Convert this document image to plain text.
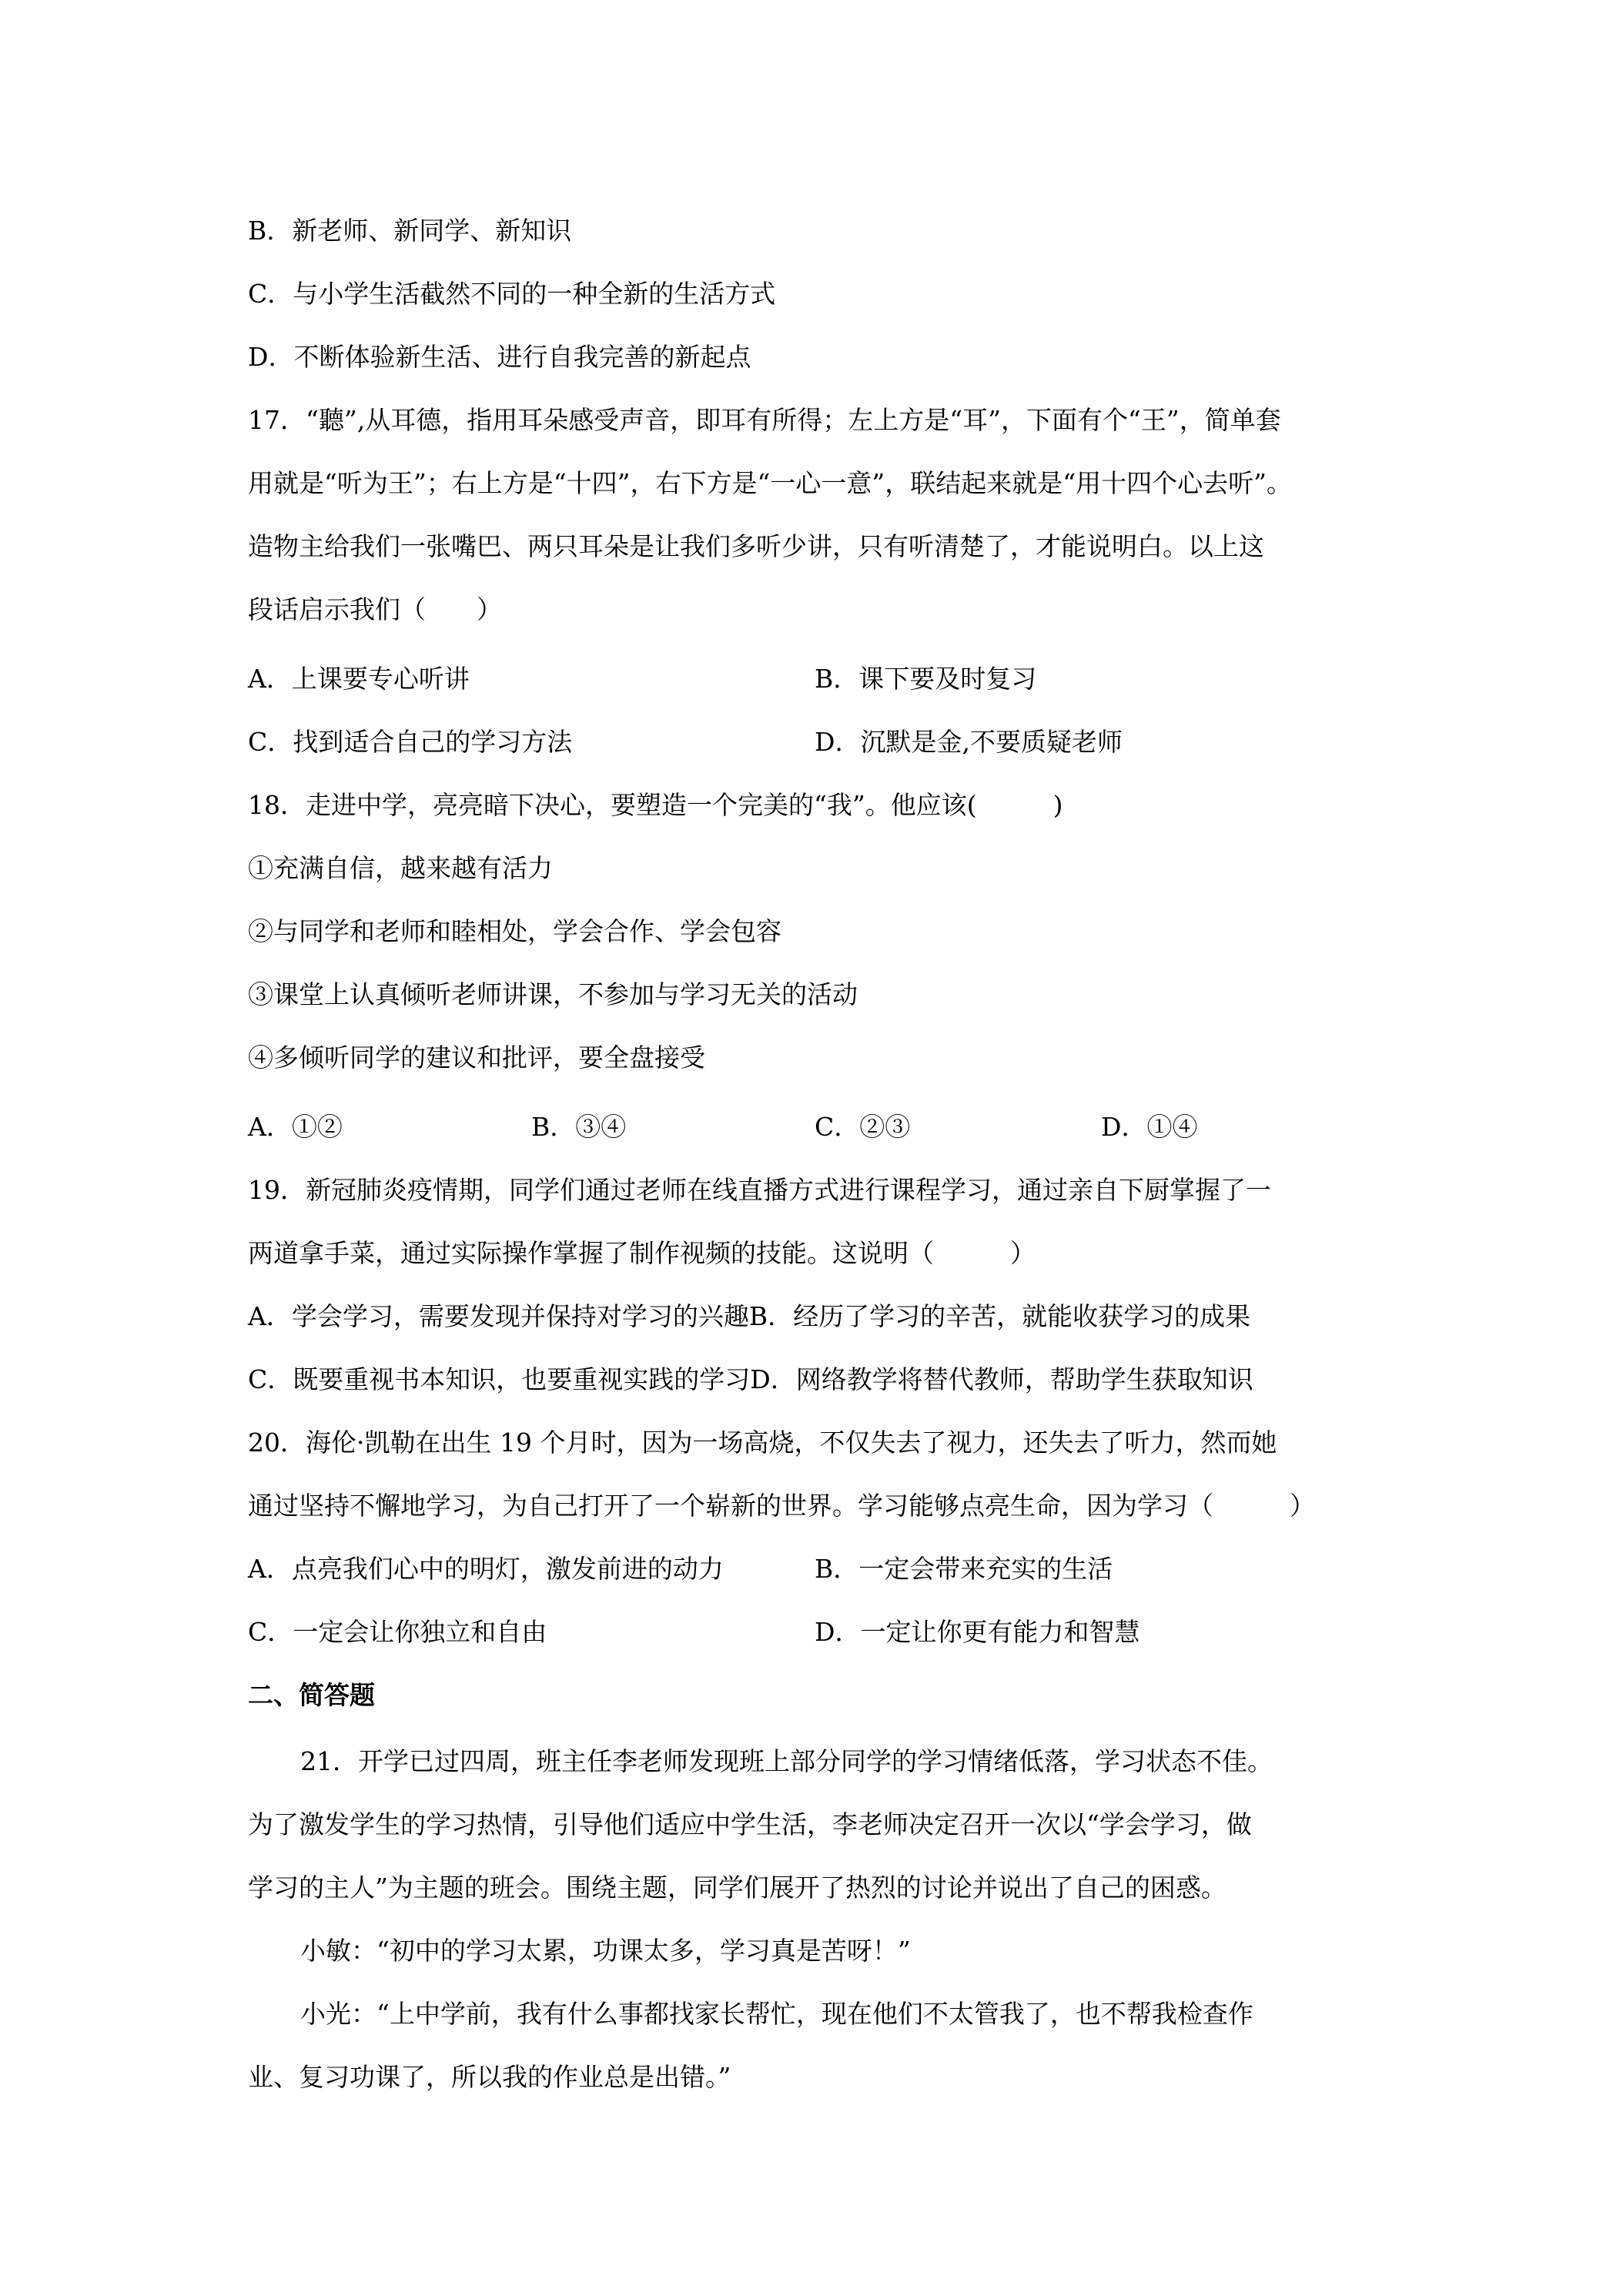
B．新老师、新同学、新知识
C．与小学生活截然不同的一种全新的生活方式
D．不断体验新生活、进行自我完善的新起点
17．“聽”,从耳德，指用耳朵感受声音，即耳有所得；左上方是“耳”，下面有个“王”，简单套
用就是“听为王”；右上方是“十四”，右下方是“一心一意”，联结起来就是“用十四个心去听”。
造物主给我们一张嘴巴、两只耳朵是让我们多听少讲，只有听清楚了，才能说明白。以上这
段话启示我们（　　）
A．上课要专心听讲	B．课下要及时复习
C．找到适合自己的学习方法	D．沉默是金,不要质疑老师
18．走进中学，亮亮暗下决心，要塑造一个完美的“我”。他应该(　　　)
①充满自信，越来越有活力
②与同学和老师和睦相处，学会合作、学会包容
③课堂上认真倾听老师讲课，不参加与学习无关的活动
④多倾听同学的建议和批评，要全盘接受
A．①②	B．③④	C．②③	D．①④
19．新冠肺炎疫情期，同学们通过老师在线直播方式进行课程学习，通过亲自下厨掌握了一
两道拿手菜，通过实际操作掌握了制作视频的技能。这说明（　　　）
A．学会学习，需要发现并保持对学习的兴趣B．经历了学习的辛苦，就能收获学习的成果
C．既要重视书本知识，也要重视实践的学习D．网络教学将替代教师，帮助学生获取知识
20．海伦·凯勒在出生 19 个月时，因为一场高烧，不仅失去了视力，还失去了听力，然而她
通过坚持不懈地学习，为自己打开了一个崭新的世界。学习能够点亮生命，因为学习（　　　）
A．点亮我们心中的明灯，激发前进的动力	B．一定会带来充实的生活
C．一定会让你独立和自由	D．一定让你更有能力和智慧
二、简答题
21．开学已过四周，班主任李老师发现班上部分同学的学习情绪低落，学习状态不佳。
为了激发学生的学习热情，引导他们适应中学生活，李老师决定召开一次以“学会学习，做
学习的主人”为主题的班会。围绕主题，同学们展开了热烈的讨论并说出了自己的困惑。
小敏：“初中的学习太累，功课太多，学习真是苦呀！”
小光：“上中学前，我有什么事都找家长帮忙，现在他们不太管我了，也不帮我检查作
业、复习功课了，所以我的作业总是出错。”
